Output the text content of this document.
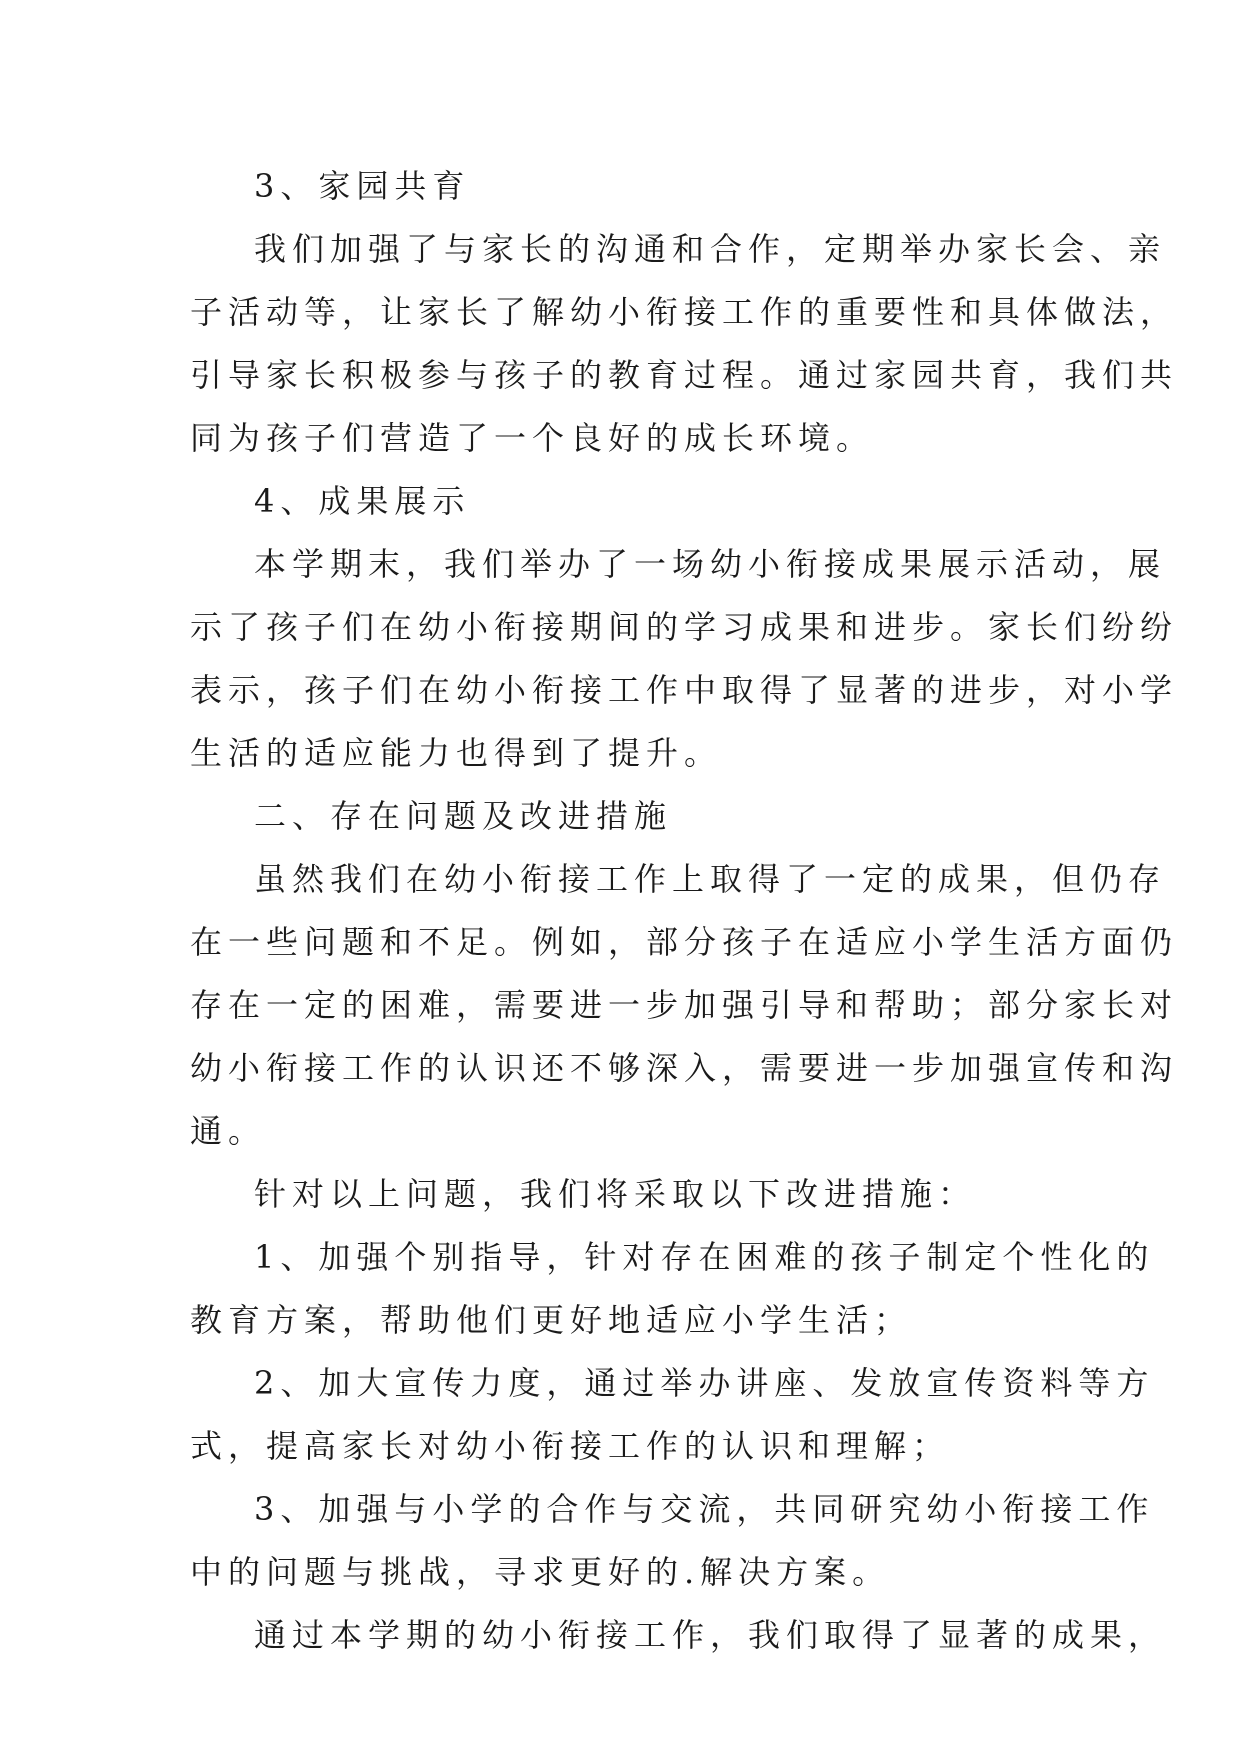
3、家园共育
我们加强了与家长的沟通和合作，定期举办家长会、亲
子活动等，让家长了解幼小衔接工作的重要性和具体做法，
引导家长积极参与孩子的教育过程。通过家园共育，我们共
同为孩子们营造了一个良好的成长环境。
4、成果展示
本学期末，我们举办了一场幼小衔接成果展示活动，展
示了孩子们在幼小衔接期间的学习成果和进步。家长们纷纷
表示，孩子们在幼小衔接工作中取得了显著的进步，对小学
生活的适应能力也得到了提升。
二、存在问题及改进措施
虽然我们在幼小衔接工作上取得了一定的成果，但仍存
在一些问题和不足。例如，部分孩子在适应小学生活方面仍
存在一定的困难，需要进一步加强引导和帮助；部分家长对
幼小衔接工作的认识还不够深入，需要进一步加强宣传和沟
通。
针对以上问题，我们将采取以下改进措施：
1、加强个别指导，针对存在困难的孩子制定个性化的
教育方案，帮助他们更好地适应小学生活；
2、加大宣传力度，通过举办讲座、发放宣传资料等方
式，提高家长对幼小衔接工作的认识和理解；
3、加强与小学的合作与交流，共同研究幼小衔接工作
中的问题与挑战，寻求更好的.解决方案。
通过本学期的幼小衔接工作，我们取得了显著的成果，
